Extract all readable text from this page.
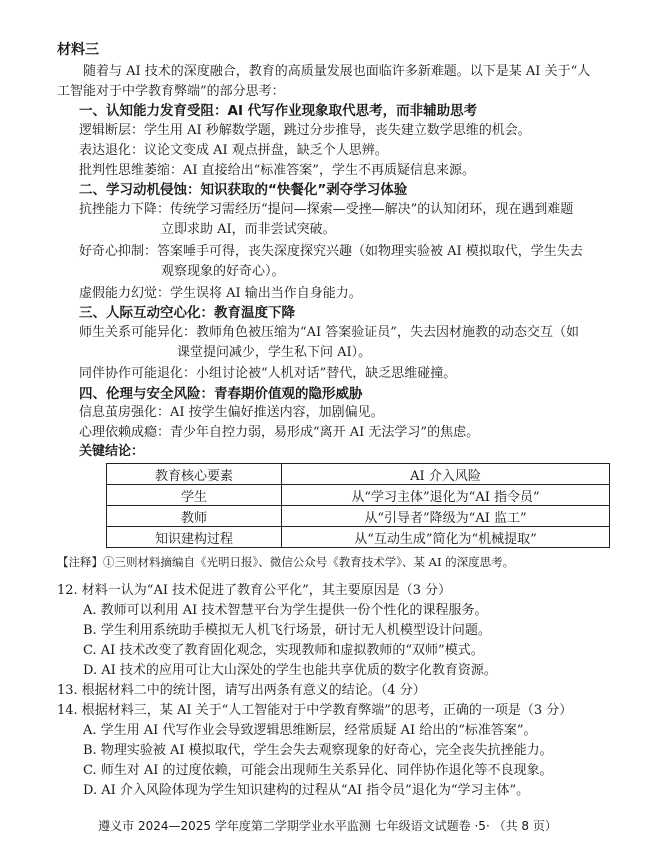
材料三
随着与 AI 技术的深度融合，教育的高质量发展也面临许多新难题。以下是某 AI 关于“人
工智能对于中学教育弊端”的部分思考：
一、认知能力发育受阻：AI 代写作业现象取代思考，而非辅助思考
逻辑断层：学生用 AI 秒解数学题，跳过分步推导，丧失建立数学思维的机会。
表达退化：议论文变成 AI 观点拼盘，缺乏个人思辨。
批判性思维萎缩：AI 直接给出“标准答案”，学生不再质疑信息来源。
二、学习动机侵蚀：知识获取的“快餐化”剥夺学习体验
抗挫能力下降：传统学习需经历“提问—探索—受挫—解决”的认知闭环，现在遇到难题
立即求助 AI，而非尝试突破。
好奇心抑制：答案唾手可得，丧失深度探究兴趣（如物理实验被 AI 模拟取代，学生失去
观察现象的好奇心）。
虚假能力幻觉：学生误将 AI 输出当作自身能力。
三、人际互动空心化：教育温度下降
师生关系可能异化：教师角色被压缩为“AI 答案验证员”，失去因材施教的动态交互（如
课堂提问减少，学生私下问 AI）。
同伴协作可能退化：小组讨论被“人机对话”替代，缺乏思维碰撞。
四、伦理与安全风险：青春期价值观的隐形威胁
信息茧房强化：AI 按学生偏好推送内容，加剧偏见。
心理依赖成瘾：青少年自控力弱，易形成“离开 AI 无法学习”的焦虑。
关键结论：
教育核心要素	AI 介入风险
学生	从“学习主体”退化为“AI 指令员”
教师	从“引导者”降级为“AI 监工”
知识建构过程	从“互动生成”简化为“机械提取”
【注释】①三则材料摘编自《光明日报》、微信公众号《教育技术学》、某 AI 的深度思考。
12. 材料一认为“AI 技术促进了教育公平化”，其主要原因是（3 分）
A. 教师可以利用 AI 技术智慧平台为学生提供一份个性化的课程服务。
B. 学生利用系统助手模拟无人机飞行场景，研讨无人机模型设计问题。
C. AI 技术改变了教育固化观念，实现教师和虚拟教师的“双师”模式。
D. AI 技术的应用可让大山深处的学生也能共享优质的数字化教育资源。
13. 根据材料二中的统计图，请写出两条有意义的结论。（4 分）
14. 根据材料三，某 AI 关于“人工智能对于中学教育弊端”的思考，正确的一项是（3 分）
A. 学生用 AI 代写作业会导致逻辑思维断层，经常质疑 AI 给出的“标准答案”。
B. 物理实验被 AI 模拟取代，学生会失去观察现象的好奇心，完全丧失抗挫能力。
C. 师生对 AI 的过度依赖，可能会出现师生关系异化、同伴协作退化等不良现象。
D. AI 介入风险体现为学生知识建构的过程从“AI 指令员”退化为“学习主体”。
遵义市 2024—2025 学年度第二学期学业水平监测 七年级语文试题卷 ·5· （共 8 页）
